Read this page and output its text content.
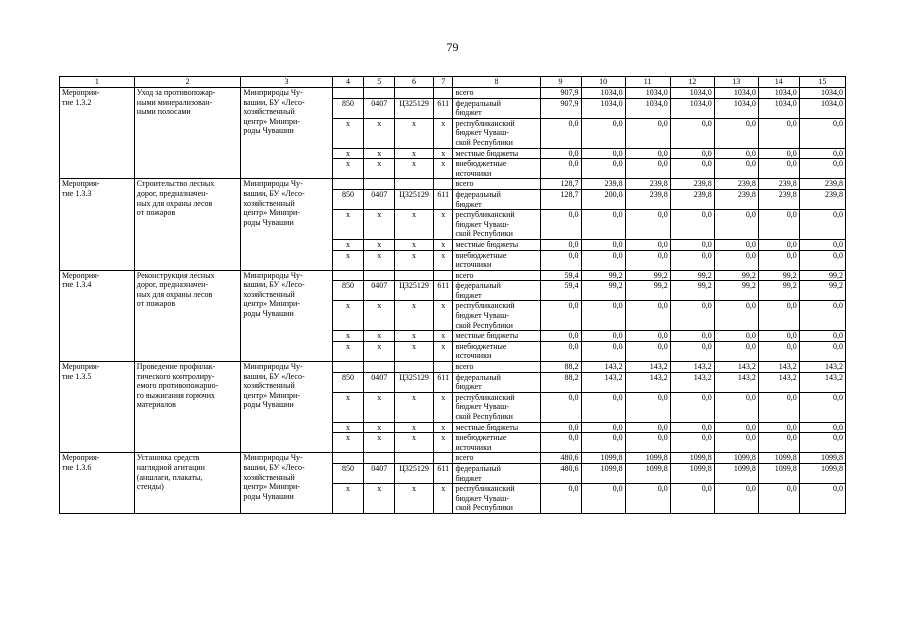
79
1	2	3	4	5	6	7	8	9	10	11	12	13	14	15
Мероприя-
тие 1.3.2	Уход за противопожар-
ными минерализован-
ными полосами	Минприроды Чу-
вашии, БУ «Лесо-
хозяйственный
центр» Минпри-
роды Чувашии					всего	907,9	1034,0	1034,0	1034,0	1034,0	1034,0	1034,0
			850	0407	Ц325129	611	федеральный
бюджет	907,9	1034,0	1034,0	1034,0	1034,0	1034,0	1034,0
			х	х	х	х	республиканский
бюджет Чуваш-
ской Республики	0,0	0,0	0,0	0,0	0,0	0,0	0,0
			х	х	х	х	местные бюджеты	0,0	0,0	0,0	0,0	0,0	0,0	0,0
			х	х	х	х	внебюджетные
источники	0,0	0,0	0,0	0,0	0,0	0,0	0,0
Мероприя-
тие 1.3.3	Строительство лесных
дорог, предназначен-
ных для охраны лесов
от пожаров	Минприроды Чу-
вашии, БУ «Лесо-
хозяйственный
центр» Минпри-
роды Чувашии					всего	128,7	239,8	239,8	239,8	239,8	239,8	239,8
			850	0407	Ц325129	611	федеральный
бюджет	128,7	200,0	239,8	239,8	239,8	239,8	239,8
			х	х	х	х	республиканский
бюджет Чуваш-
ской Республики	0,0	0,0	0,0	0,0	0,0	0,0	0,0
			х	х	х	х	местные бюджеты	0,0	0,0	0,0	0,0	0,0	0,0	0,0
			х	х	х	х	внебюджетные
источники	0,0	0,0	0,0	0,0	0,0	0,0	0,0
Мероприя-
тие 1.3.4	Реконструкция лесных
дорог, предназначен-
ных для охраны лесов
от пожаров	Минприроды Чу-
вашии, БУ «Лесо-
хозяйственный
центр» Минпри-
роды Чувашии					всего	59,4	99,2	99,2	99,2	99,2	99,2	99,2
			850	0407	Ц325129	611	федеральный
бюджет	59,4	99,2	99,2	99,2	99,2	99,2	99,2
			х	х	х	х	республиканский
бюджет Чуваш-
ской Республики	0,0	0,0	0,0	0,0	0,0	0,0	0,0
			х	х	х	х	местные бюджеты	0,0	0,0	0,0	0,0	0,0	0,0	0,0
			х	х	х	х	внебюджетные
источники	0,0	0,0	0,0	0,0	0,0	0,0	0,0
Мероприя-
тие 1.3.5	Проведение профилак-
тического контролиру-
емого противопожарно-
го выжигания горючих
материалов	Минприроды Чу-
вашии, БУ «Лесо-
хозяйственный
центр» Минпри-
роды Чувашии					всего	88,2	143,2	143,2	143,2	143,2	143,2	143,2
			850	0407	Ц325129	611	федеральный
бюджет	88,2	143,2	143,2	143,2	143,2	143,2	143,2
			х	х	х	х	республиканский
бюджет Чуваш-
ской Республики	0,0	0,0	0,0	0,0	0,0	0,0	0,0
			х	х	х	х	местные бюджеты	0,0	0,0	0,0	0,0	0,0	0,0	0,0
			х	х	х	х	внебюджетные
источники	0,0	0,0	0,0	0,0	0,0	0,0	0,0
Мероприя-
тие 1.3.6	Установка средств
наглядной агитации
(аншлаги, плакаты,
стенды)	Минприроды Чу-
вашии, БУ «Лесо-
хозяйственный
центр» Минпри-
роды Чувашии					всего	480,6	1099,8	1099,8	1099,8	1099,8	1099,8	1099,8
			850	0407	Ц325129	611	федеральный
бюджет	480,6	1099,8	1099,8	1099,8	1099,8	1099,8	1099,8
			х	х	х	х	республиканский
бюджет Чуваш-
ской Республики	0,0	0,0	0,0	0,0	0,0	0,0	0,0
